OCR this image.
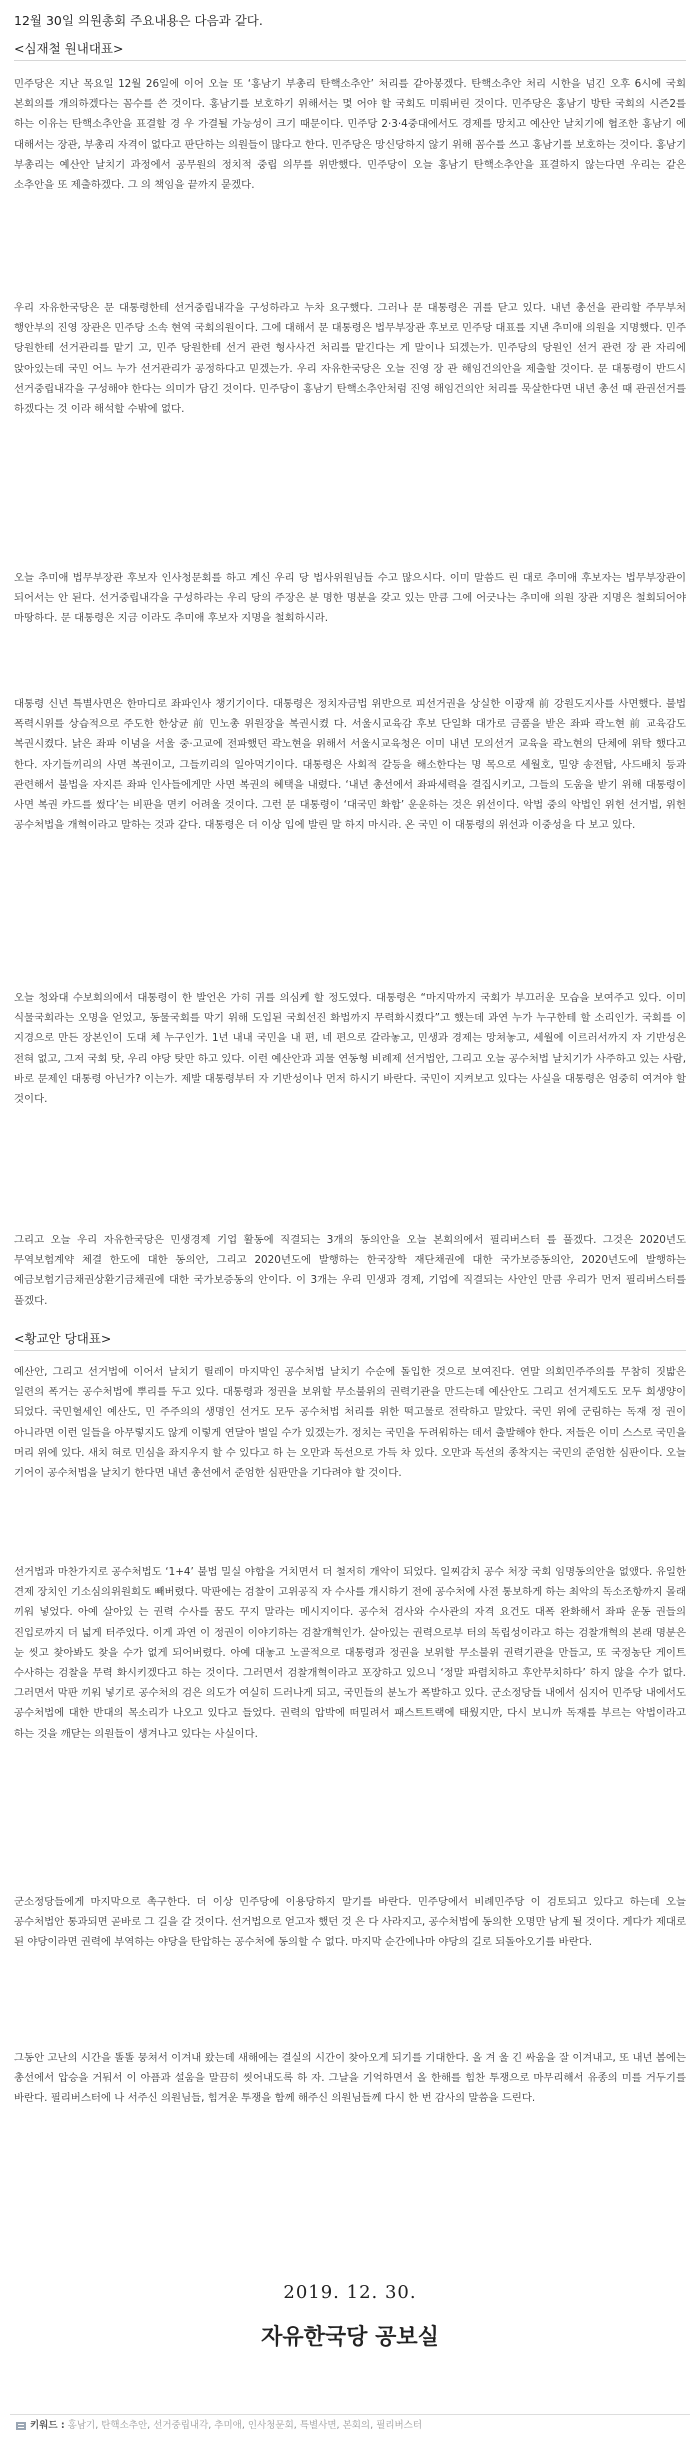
12월 30일 의원총회 주요내용은 다음과 같다.
<심재철 원내대표>

민주당은 지난 목요일 12월 26일에 이어 오늘 또 ‘홍남기 부총리 탄핵소추안’ 처리를 같아봉겠다. 탄핵소추안 처리 시한을 넘긴 오후 6시에 국회 본회의를 개의하겠다는 꼼수를 쓴 것이다. 홍남기를 보호하기 위해서는 몇 어야 할 국회도 미뤄버린 것이다. 민주당은 홍남기 방탄 국회의 시즌2를 하는 이유는 탄핵소추안을 표결할 경 우 가결될 가능성이 크기 때문이다. 민주당 2·3·4중대에서도 경제를 망치고 예산안 날치기에 협조한 홍남기 에 대해서는 장관, 부총리 자격이 없다고 판단하는 의원들이 많다고 한다. 민주당은 망신당하지 않기 위해 꼼수를 쓰고 홍남기를 보호하는 것이다. 홍남기 부총리는 예산안 날치기 과정에서 공무원의 정치적 중립 의무를 위반했다. 민주당이 오늘 홍남기 탄핵소추안을 표결하지 않는다면 우리는 같은 소추안을 또 제출하겠다. 그 의 책임을 끝까지 묻겠다.

우리 자유한국당은 문 대통령한테 선거중립내각을 구성하라고 누차 요구했다. 그러나 문 대통령은 귀를 닫고 있다. 내년 총선을 관리할 주무부처 행안부의 진영 장관은 민주당 소속 현역 국회의원이다. 그에 대해서 문 대통령은 법무부장관 후보로 민주당 대표를 지낸 추미애 의원을 지명했다. 민주 당원한테 선거관리를 맡기 고, 민주 당원한테 선거 관련 형사사건 처리를 맡긴다는 게 말이나 되겠는가. 민주당의 당원인 선거 관련 장 관 자리에 앉아있는데 국민 어느 누가 선거관리가 공정하다고 믿겠는가. 우리 자유한국당은 오늘 진영 장 관 해임건의안을 제출할 것이다. 문 대통령이 반드시 선거중립내각을 구성해야 한다는 의미가 담긴 것이다. 민주당이 홍남기 탄핵소추안처럼 진영 해임건의안 처리를 묵살한다면 내년 총선 때 관권선거를 하겠다는 것 이라 해석할 수밖에 없다.

오늘 추미애 법무부장관 후보자 인사청문회를 하고 계신 우리 당 법사위원님들 수고 많으시다. 이미 말씀드 린 대로 추미애 후보자는 법무부장관이 되어서는 안 된다. 선거중립내각을 구성하라는 우리 당의 주장은 분 명한 명분을 갖고 있는 만큼 그에 어긋나는 추미애 의원 장관 지명은 철회되어야 마땅하다. 문 대통령은 지금 이라도 추미애 후보자 지명을 철회하시라.

대통령 신년 특별사면은 한마디로 좌파인사 챙기기이다. 대통령은 정치자금법 위반으로 피선거권을 상실한 이광재 前 강원도지사를 사면했다. 불법 폭력시위를 상습적으로 주도한 한상균 前 민노총 위원장을 복권시켰 다. 서울시교육감 후보 단일화 대가로 금품을 받은 좌파 곽노현 前 교육감도 복권시켰다. 낡은 좌파 이념을 서울 중·고교에 전파했던 곽노현을 위해서 서울시교육청은 이미 내년 모의선거 교육을 곽노현의 단체에 위탁 했다고 한다. 자기들끼리의 사면 복권이고, 그들끼리의 일아먹기이다. 대통령은 사회적 갈등을 해소한다는 명 목으로 세월호, 밀양 송전탑, 사드배치 등과 관련해서 불법을 자지른 좌파 인사들에게만 사면 복권의 혜택을 내렸다. ‘내년 총선에서 좌파세력을 결집시키고, 그들의 도움을 받기 위해 대통령이 사면 복권 카드를 썼다’는 비판을 면키 어려울 것이다. 그런 문 대통령이 ‘대국민 화합’ 운운하는 것은 위선이다. 악법 중의 악법인 위헌 선거법, 위헌 공수처법을 개혁이라고 말하는 것과 같다. 대통령은 더 이상 입에 발린 말 하지 마시라. 온 국민 이 대통령의 위선과 이중성을 다 보고 있다.

오늘 청와대 수보회의에서 대통령이 한 발언은 가히 귀를 의심케 할 정도였다. 대통령은 “마지막까지 국회가 부끄러운 모습을 보여주고 있다. 이미 식물국회라는 오명을 얻었고, 동물국회를 막기 위해 도입된 국회선진 화법까지 무력화시켰다”고 했는데 과연 누가 누구한테 할 소리인가. 국회를 이 지경으로 만든 장본인이 도대 체 누구인가. 1년 내내 국민을 내 편, 네 편으로 갈라놓고, 민생과 경제는 망쳐놓고, 세월에 이르러서까지 자 기반성은 전혀 없고, 그저 국회 탓, 우리 야당 탓만 하고 있다. 이런 예산안과 괴물 연동형 비례제 선거법안, 그리고 오늘 공수처법 날치기가 사주하고 있는 사람, 바로 문제인 대통령 아닌가? 이는가. 제발 대통령부터 자 기반성이나 먼저 하시기 바란다. 국민이 지켜보고 있다는 사실을 대통령은 엄중히 여겨야 할 것이다.

그리고 오늘 우리 자유한국당은 민생경제 기업 활동에 직결되는 3개의 동의안을 오늘 본회의에서 필리버스터 를 풀겠다. 그것은 2020년도 무역보험계약 체결 한도에 대한 동의안, 그리고 2020년도에 발행하는 한국장학 재단채권에 대한 국가보증동의안, 2020년도에 발행하는 예금보험기금채권상환기금채권에 대한 국가보증동의 안이다. 이 3개는 우리 민생과 경제, 기업에 직결되는 사안인 만큼 우리가 먼저 필리버스터를 풀겠다.

<황교안 당대표>

예산안, 그리고 선거법에 이어서 날치기 릴레이 마지막인 공수처법 날치기 수순에 돌입한 것으로 보여진다. 연말 의회민주주의를 무참히 짓밟은 일련의 폭거는 공수처법에 뿌리를 두고 있다. 대통령과 정권을 보위할 무소불위의 권력기관을 만드는데 예산안도 그리고 선거제도도 모두 희생양이 되었다. 국민혈세인 예산도, 민 주주의의 생명인 선거도 모두 공수처법 처리를 위한 떡고물로 전락하고 말았다. 국민 위에 군림하는 독재 정 권이 아니라면 이런 일들을 아무렇지도 않게 이렇게 연달아 벌일 수가 있겠는가. 정치는 국민을 두려워하는 데서 출발해야 한다. 저들은 이미 스스로 국민을 머리 위에 있다. 새치 혀로 민심을 좌지우지 할 수 있다고 하 는 오만과 독선으로 가득 차 있다. 오만과 독선의 종착지는 국민의 준엄한 심판이다. 오늘 기어이 공수처법을 날치기 한다면 내년 총선에서 준엄한 심판만을 기다려야 할 것이다.

선거법과 마찬가지로 공수처법도 ‘1+4’ 불법 밀실 야합을 거치면서 더 철저히 개악이 되었다. 일찌감치 공수 처장 국회 임명동의안을 없앴다. 유일한 견제 장치인 기소심의위원회도 빼버렸다. 막판에는 검찰이 고위공직 자 수사를 개시하기 전에 공수처에 사전 통보하게 하는 최악의 독소조항까지 몰래 끼워 넣었다. 아예 살아있 는 권력 수사를 꿈도 꾸지 말라는 메시지이다. 공수처 검사와 수사관의 자격 요건도 대폭 완화해서 좌파 운동 권들의 진입로까지 더 넓게 터주었다. 이게 과연 이 정권이 이야기하는 검찰개혁인가. 살아있는 권력으로부 터의 독립성이라고 하는 검찰개혁의 본래 명분은 눈 씻고 찾아봐도 찾을 수가 없게 되어버렸다. 아예 대놓고 노골적으로 대통령과 정권을 보위할 무소불위 권력기관을 만들고, 또 국정농단 게이트 수사하는 검찰을 무력 화시키겠다고 하는 것이다. 그러면서 검찰개혁이라고 포장하고 있으니 ‘정말 파렴치하고 후안무치하다’ 하지 않을 수가 없다. 그러면서 막판 끼워 넣기로 공수처의 검은 의도가 여실히 드러나게 되고, 국민들의 분노가 폭발하고 있다. 군소정당들 내에서 심지어 민주당 내에서도 공수처법에 대한 반대의 목소리가 나오고 있다고 들었다. 권력의 압박에 떠밀려서 패스트트랙에 태웠지만, 다시 보니까 독재를 부르는 악법이라고 하는 것을 깨닫는 의원들이 생겨나고 있다는 사실이다.

군소정당들에게 마지막으로 촉구한다. 더 이상 민주당에 이용당하지 말기를 바란다. 민주당에서 비례민주당 이 검토되고 있다고 하는데 오늘 공수처법안 통과되면 곧바로 그 길을 갈 것이다. 선거법으로 얻고자 했던 것 은 다 사라지고, 공수처법에 동의한 오명만 남게 될 것이다. 게다가 제대로 된 야당이라면 권력에 부역하는 야당을 탄압하는 공수처에 동의할 수 없다. 마지막 순간에나마 야당의 길로 되돌아오기를 바란다.

그동안 고난의 시간을 똘똘 뭉쳐서 이겨내 왔는데 새해에는 결실의 시간이 찾아오게 되기를 기대한다. 올 겨 울 긴 싸움을 잘 이겨내고, 또 내년 봄에는 총선에서 압승을 거둬서 이 아픔과 설움을 말끔히 씻어내도록 하 자. 그날을 기억하면서 올 한해를 힘찬 투쟁으로 마무리해서 유종의 미를 거두기를 바란다. 필리버스터에 나 서주신 의원님들, 힘겨운 투쟁을 함께 해주신 의원님들께 다시 한 번 감사의 말씀을 드린다.

2019. 12. 30.
자유한국당 공보실
키워드 : 홍남기, 탄핵소추안, 선거중립내각, 추미애, 인사청문회, 특별사면, 본회의, 필리버스터
